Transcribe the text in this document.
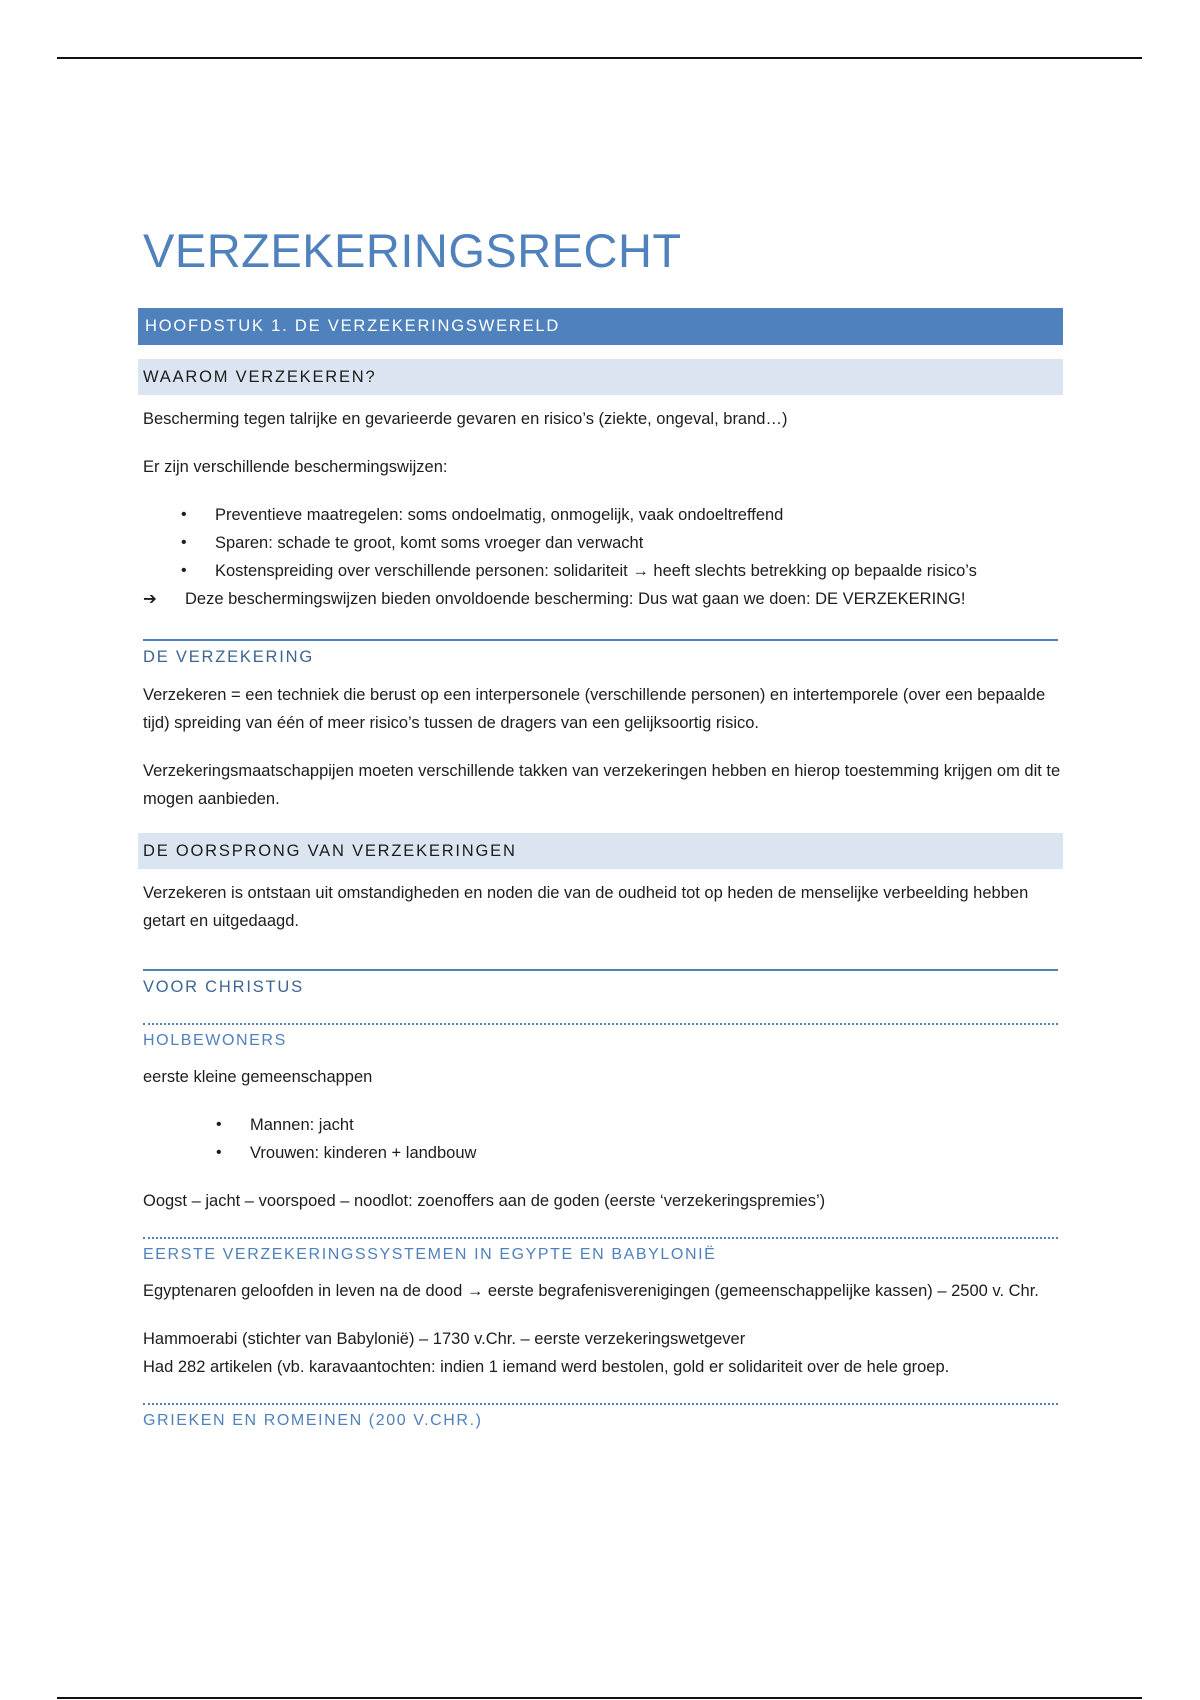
VERZEKERINGSRECHT
HOOFDSTUK 1. DE VERZEKERINGSWERELD
WAAROM VERZEKEREN?

Bescherming tegen talrijke en gevarieerde gevaren en risico’s (ziekte, ongeval, brand…)

Er zijn verschillende beschermingswijzen:

• Preventieve maatregelen: soms ondoelmatig, onmogelijk, vaak ondoeltreffend
• Sparen: schade te groot, komt soms vroeger dan verwacht
• Kostenspreiding over verschillende personen: solidariteit → heeft slechts betrekking op bepaalde risico’s
➔ Deze beschermingswijzen bieden onvoldoende bescherming: Dus wat gaan we doen: DE VERZEKERING!
DE VERZEKERING

Verzekeren = een techniek die berust op een interpersonele (verschillende personen) en intertemporele (over een bepaalde tijd) spreiding van één of meer risico’s tussen de dragers van een gelijksoortig risico.

Verzekeringsmaatschappijen moeten verschillende takken van verzekeringen hebben en hierop toestemming krijgen om dit te mogen aanbieden.

DE OORSPRONG VAN VERZEKERINGEN

Verzekeren is ontstaan uit omstandigheden en noden die van de oudheid tot op heden de menselijke verbeelding hebben getart en uitgedaagd.

VOOR CHRISTUS
HOLBEWONERS

eerste kleine gemeenschappen

• Mannen: jacht
• Vrouwen: kinderen + landbouw

Oogst – jacht – voorspoed – noodlot: zoenoffers aan de goden (eerste ‘verzekeringspremies’)

EERSTE VERZEKERINGSSYSTEMEN IN EGYPTE EN BABYLONIË

Egyptenaren geloofden in leven na de dood → eerste begrafenisverenigingen (gemeenschappelijke kassen) – 2500 v. Chr.

Hammoerabi (stichter van Babylonië) – 1730 v.Chr. – eerste verzekeringswetgever

Had 282 artikelen (vb. karavaantochten: indien 1 iemand werd bestolen, gold er solidariteit over de hele groep.

GRIEKEN EN ROMEINEN (200 V.CHR.)
